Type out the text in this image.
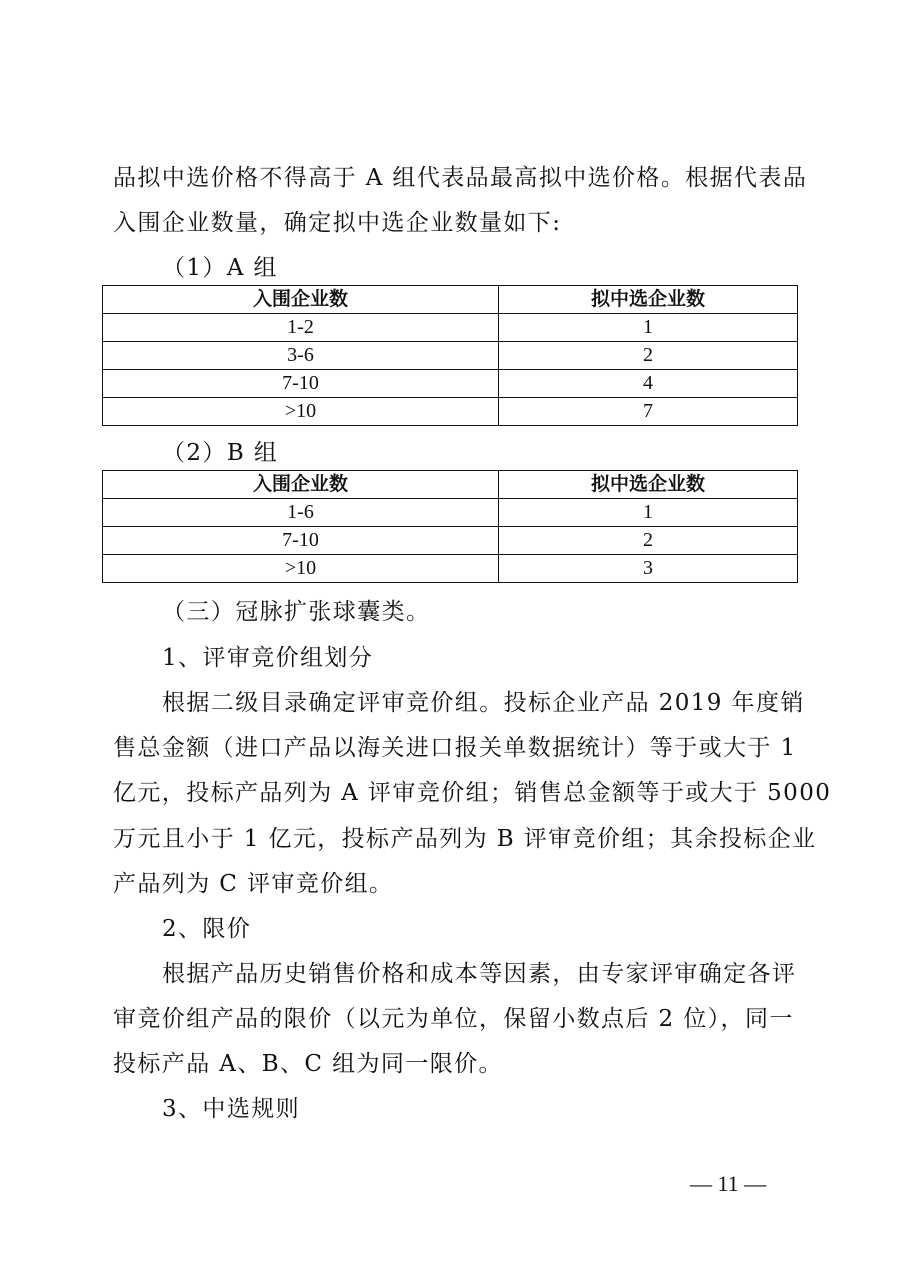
品拟中选价格不得高于 A 组代表品最高拟中选价格。根据代表品
入围企业数量，确定拟中选企业数量如下:
（1）A 组
入围企业数	拟中选企业数
1-2	1
3-6	2
7-10	4
>10	7
（2）B 组
入围企业数	拟中选企业数
1-6	1
7-10	2
>10	3
（三）冠脉扩张球囊类。
1、评审竞价组划分
根据二级目录确定评审竞价组。投标企业产品 2019 年度销
售总金额（进口产品以海关进口报关单数据统计）等于或大于 1
亿元，投标产品列为 A 评审竞价组；销售总金额等于或大于 5000
万元且小于 1 亿元，投标产品列为 B 评审竞价组；其余投标企业
产品列为 C 评审竞价组。
2、限价
根据产品历史销售价格和成本等因素，由专家评审确定各评
审竞价组产品的限价（以元为单位，保留小数点后 2 位），同一
投标产品 A、B、C 组为同一限价。
3、中选规则
— 11 —
